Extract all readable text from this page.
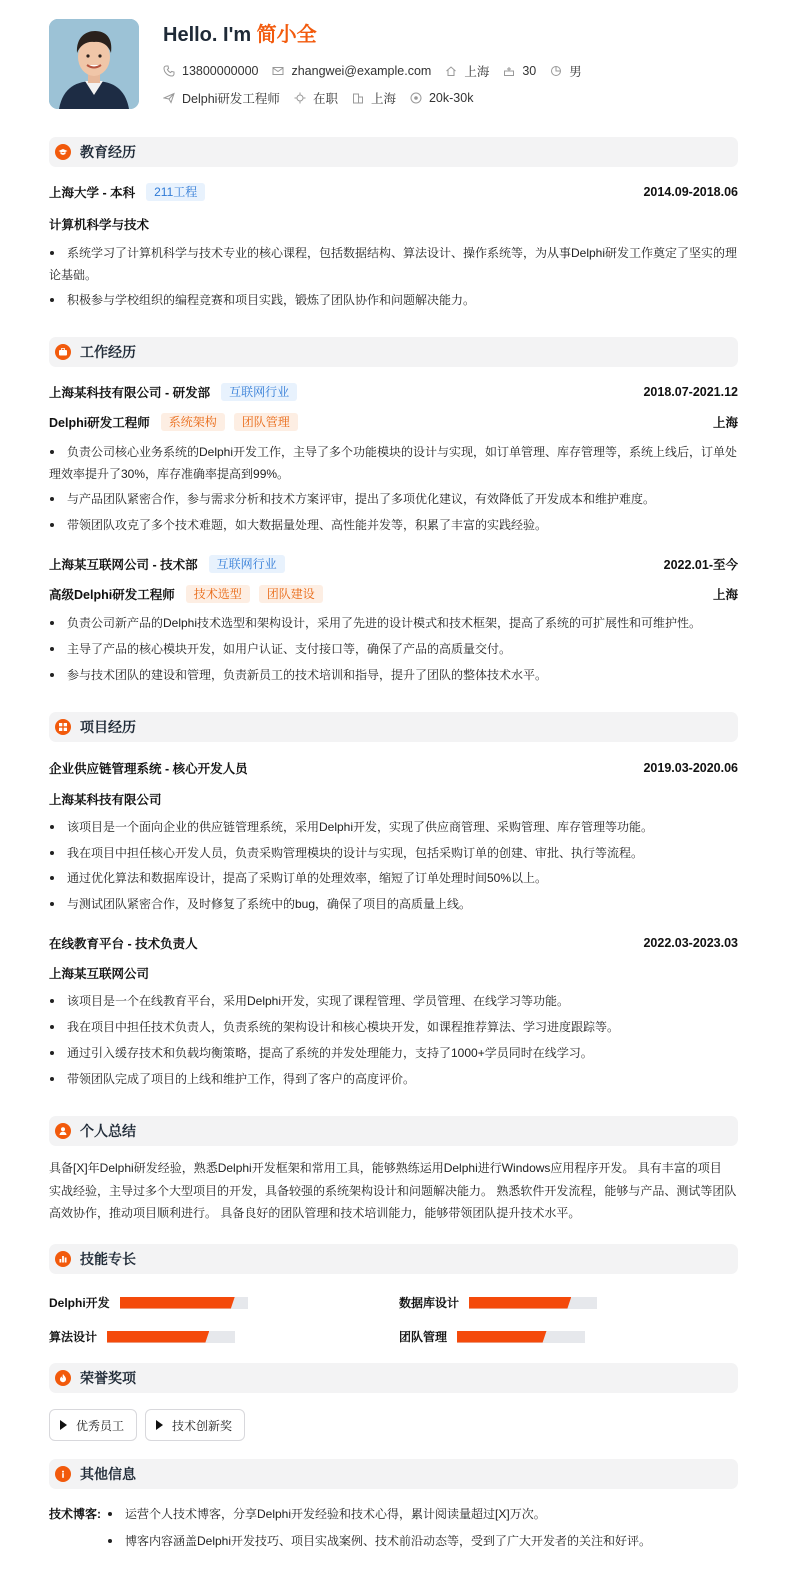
Hello. I'm 简小全
13800000000	zhangwei@example.com	上海	30	男
Delphi研发工程师	在职	上海	20k-30k
教育经历
上海大学 - 本科	211工程	2014.09-2018.06
计算机科学与技术
系统学习了计算机科学与技术专业的核心课程，包括数据结构、算法设计、操作系统等，为从事Delphi研发工作奠定了坚实的理
论基础。
积极参与学校组织的编程竞赛和项目实践，锻炼了团队协作和问题解决能力。
工作经历
上海某科技有限公司 - 研发部	互联网行业	2018.07-2021.12
Delphi研发工程师	系统架构	团队管理	上海
负责公司核心业务系统的Delphi开发工作，主导了多个功能模块的设计与实现，如订单管理、库存管理等，系统上线后，订单处
理效率提升了30%，库存准确率提高到99%。
与产品团队紧密合作，参与需求分析和技术方案评审，提出了多项优化建议，有效降低了开发成本和维护难度。
带领团队攻克了多个技术难题，如大数据量处理、高性能并发等，积累了丰富的实践经验。
上海某互联网公司 - 技术部	互联网行业	2022.01-至今
高级Delphi研发工程师	技术选型	团队建设	上海
负责公司新产品的Delphi技术选型和架构设计，采用了先进的设计模式和技术框架，提高了系统的可扩展性和可维护性。
主导了产品的核心模块开发，如用户认证、支付接口等，确保了产品的高质量交付。
参与技术团队的建设和管理，负责新员工的技术培训和指导，提升了团队的整体技术水平。
项目经历
企业供应链管理系统 - 核心开发人员	2019.03-2020.06
上海某科技有限公司
该项目是一个面向企业的供应链管理系统，采用Delphi开发，实现了供应商管理、采购管理、库存管理等功能。
我在项目中担任核心开发人员，负责采购管理模块的设计与实现，包括采购订单的创建、审批、执行等流程。
通过优化算法和数据库设计，提高了采购订单的处理效率，缩短了订单处理时间50%以上。
与测试团队紧密合作，及时修复了系统中的bug，确保了项目的高质量上线。
在线教育平台 - 技术负责人	2022.03-2023.03
上海某互联网公司
该项目是一个在线教育平台，采用Delphi开发，实现了课程管理、学员管理、在线学习等功能。
我在项目中担任技术负责人，负责系统的架构设计和核心模块开发，如课程推荐算法、学习进度跟踪等。
通过引入缓存技术和负载均衡策略，提高了系统的并发处理能力，支持了1000+学员同时在线学习。
带领团队完成了项目的上线和维护工作，得到了客户的高度评价。
个人总结
具备[X]年Delphi研发经验，熟悉Delphi开发框架和常用工具，能够熟练运用Delphi进行Windows应用程序开发。 具有丰富的项目
实战经验，主导过多个大型项目的开发，具备较强的系统架构设计和问题解决能力。 熟悉软件开发流程，能够与产品、测试等团队
高效协作，推动项目顺利进行。 具备良好的团队管理和技术培训能力，能够带领团队提升技术水平。
技能专长
Delphi开发	数据库设计
算法设计	团队管理
荣誉奖项
优秀员工	技术创新奖
其他信息
技术博客:	运营个人技术博客，分享Delphi开发经验和技术心得，累计阅读量超过[X]万次。
博客内容涵盖Delphi开发技巧、项目实战案例、技术前沿动态等，受到了广大开发者的关注和好评。
